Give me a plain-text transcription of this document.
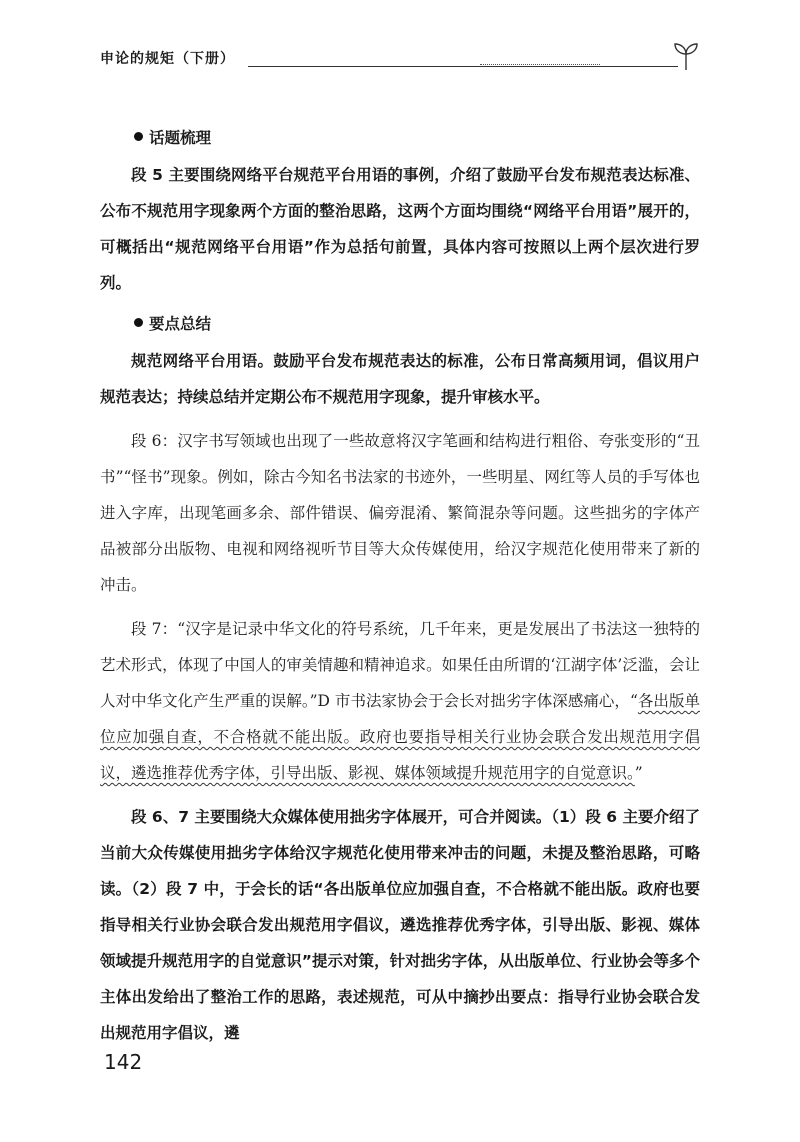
申论的规矩（下册）
话题梳理

段 5 主要围绕网络平台规范平台用语的事例，介绍了鼓励平台发布规范表达标准、公布不规范用字现象两个方面的整治思路，这两个方面均围绕“网络平台用语”展开的，可概括出“规范网络平台用语”作为总括句前置，具体内容可按照以上两个层次进行罗列。

要点总结

规范网络平台用语。鼓励平台发布规范表达的标准，公布日常高频用词，倡议用户规范表达；持续总结并定期公布不规范用字现象，提升审核水平。

段 6：汉字书写领域也出现了一些故意将汉字笔画和结构进行粗俗、夸张变形的“丑书”“怪书”现象。例如，除古今知名书法家的书迹外，一些明星、网红等人员的手写体也进入字库，出现笔画多余、部件错误、偏旁混淆、繁简混杂等问题。这些拙劣的字体产品被部分出版物、电视和网络视听节目等大众传媒使用，给汉字规范化使用带来了新的冲击。

段 7：“汉字是记录中华文化的符号系统，几千年来，更是发展出了书法这一独特的艺术形式，体现了中国人的审美情趣和精神追求。如果任由所谓的‘江湖字体’泛滥，会让人对中华文化产生严重的误解。”D 市书法家协会于会长对拙劣字体深感痛心，“各出版单位应加强自查，不合格就不能出版。政府也要指导相关行业协会联合发出规范用字倡议，遴选推荐优秀字体，引导出版、影视、媒体领域提升规范用字的自觉意识。”

段 6、7 主要围绕大众媒体使用拙劣字体展开，可合并阅读。（1）段 6 主要介绍了当前大众传媒使用拙劣字体给汉字规范化使用带来冲击的问题，未提及整治思路，可略读。（2）段 7 中，于会长的话“各出版单位应加强自查，不合格就不能出版。政府也要指导相关行业协会联合发出规范用字倡议，遴选推荐优秀字体，引导出版、影视、媒体领域提升规范用字的自觉意识”提示对策，针对拙劣字体，从出版单位、行业协会等多个主体出发给出了整治工作的思路，表述规范，可从中摘抄出要点：指导行业协会联合发出规范用字倡议，遴

142
